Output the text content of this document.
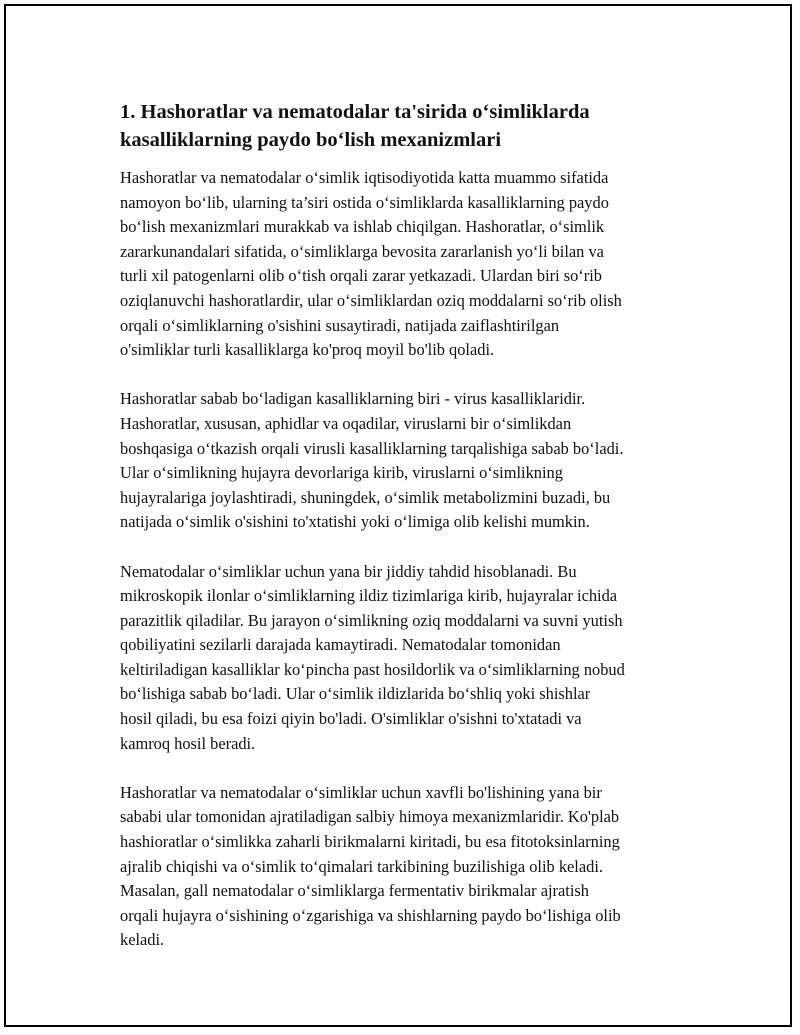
1. Hashoratlar va nematodalar ta'sirida o‘simliklarda
kasalliklarning paydo bo‘lish mexanizmlari

Hashoratlar va nematodalar o‘simlik iqtisodiyotida katta muammo sifatida
namoyon bo‘lib, ularning ta’siri ostida o‘simliklarda kasalliklarning paydo
bo‘lish mexanizmlari murakkab va ishlab chiqilgan. Hashoratlar, o‘simlik
zararkunandalari sifatida, o‘simliklarga bevosita zararlanish yo‘li bilan va
turli xil patogenlarni olib o‘tish orqali zarar yetkazadi. Ulardan biri so‘rib
oziqlanuvchi hashoratlardir, ular o‘simliklardan oziq moddalarni so‘rib olish
orqali o‘simliklarning o'sishini susaytiradi, natijada zaiflashtirilgan
o'simliklar turli kasalliklarga ko'proq moyil bo'lib qoladi.

Hashoratlar sabab bo‘ladigan kasalliklarning biri - virus kasalliklaridir.
Hashoratlar, xususan, aphidlar va oqadilar, viruslarni bir o‘simlikdan
boshqasiga o‘tkazish orqali virusli kasalliklarning tarqalishiga sabab bo‘ladi.
Ular o‘simlikning hujayra devorlariga kirib, viruslarni o‘simlikning
hujayralariga joylashtiradi, shuningdek, o‘simlik metabolizmini buzadi, bu
natijada o‘simlik o'sishini to'xtatishi yoki o‘limiga olib kelishi mumkin.

Nematodalar o‘simliklar uchun yana bir jiddiy tahdid hisoblanadi. Bu
mikroskopik ilonlar o‘simliklarning ildiz tizimlariga kirib, hujayralar ichida
parazitlik qiladilar. Bu jarayon o‘simlikning oziq moddalarni va suvni yutish
qobiliyatini sezilarli darajada kamaytiradi. Nematodalar tomonidan
keltiriladigan kasalliklar ko‘pincha past hosildorlik va o‘simliklarning nobud
bo‘lishiga sabab bo‘ladi. Ular o‘simlik ildizlarida bo‘shliq yoki shishlar
hosil qiladi, bu esa foizi qiyin bo'ladi. O'simliklar o'sishni to'xtatadi va
kamroq hosil beradi.

Hashoratlar va nematodalar o‘simliklar uchun xavfli bo'lishining yana bir
sababi ular tomonidan ajratiladigan salbiy himoya mexanizmlaridir. Ko'plab
hashioratlar o‘simlikka zaharli birikmalarni kiritadi, bu esa fitotoksinlarning
ajralib chiqishi va o‘simlik to‘qimalari tarkibining buzilishiga olib keladi.
Masalan, gall nematodalar o‘simliklarga fermentativ birikmalar ajratish
orqali hujayra o‘sishining o‘zgarishiga va shishlarning paydo bo‘lishiga olib
keladi.
